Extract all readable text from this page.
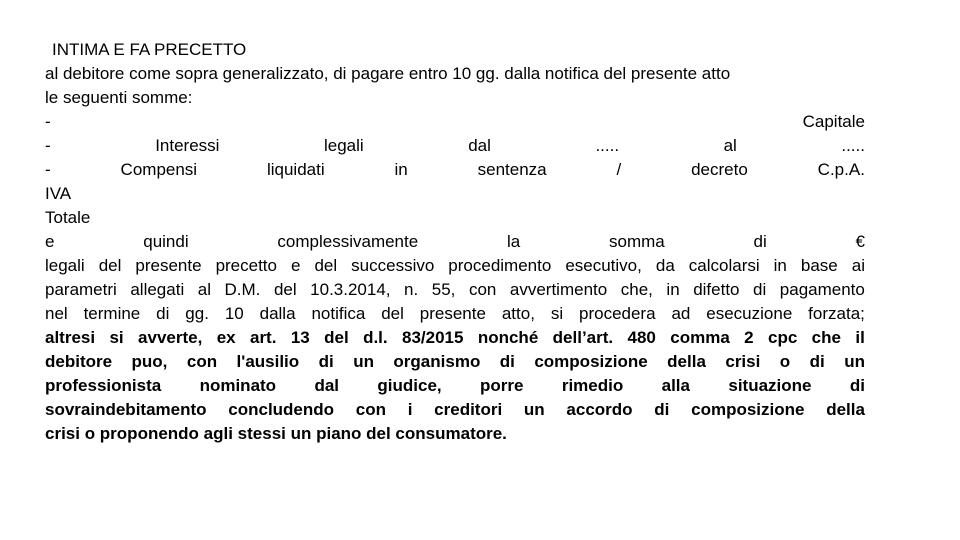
INTIMA E FA PRECETTO
al debitore come sopra generalizzato, di pagare entro 10 gg. dalla notifica del presente atto
le seguenti somme:
-	Capitale
-	Interessi	legali	dal	.....	al	.....
-	Compensi	liquidati	in	sentenza	/	decreto	C.p.A.
IVA
Totale
e	quindi	complessivamente	la	somma	di	€
legali del presente precetto e del successivo procedimento esecutivo, da calcolarsi in base ai
parametri allegati al D.M. del 10.3.2014, n. 55, con avvertimento che, in difetto di pagamento
nel termine di gg. 10 dalla notifica del presente atto, si procedera ad esecuzione forzata;
altresi si avverte, ex art. 13 del d.l. 83/2015 nonché dell’art. 480 comma 2 cpc che il
debitore puo, con l'ausilio di un organismo di composizione della crisi o di un
professionista nominato dal giudice, porre rimedio alla situazione di
sovraindebitamento concludendo con i creditori un accordo di composizione della
crisi o proponendo agli stessi un piano del consumatore.
